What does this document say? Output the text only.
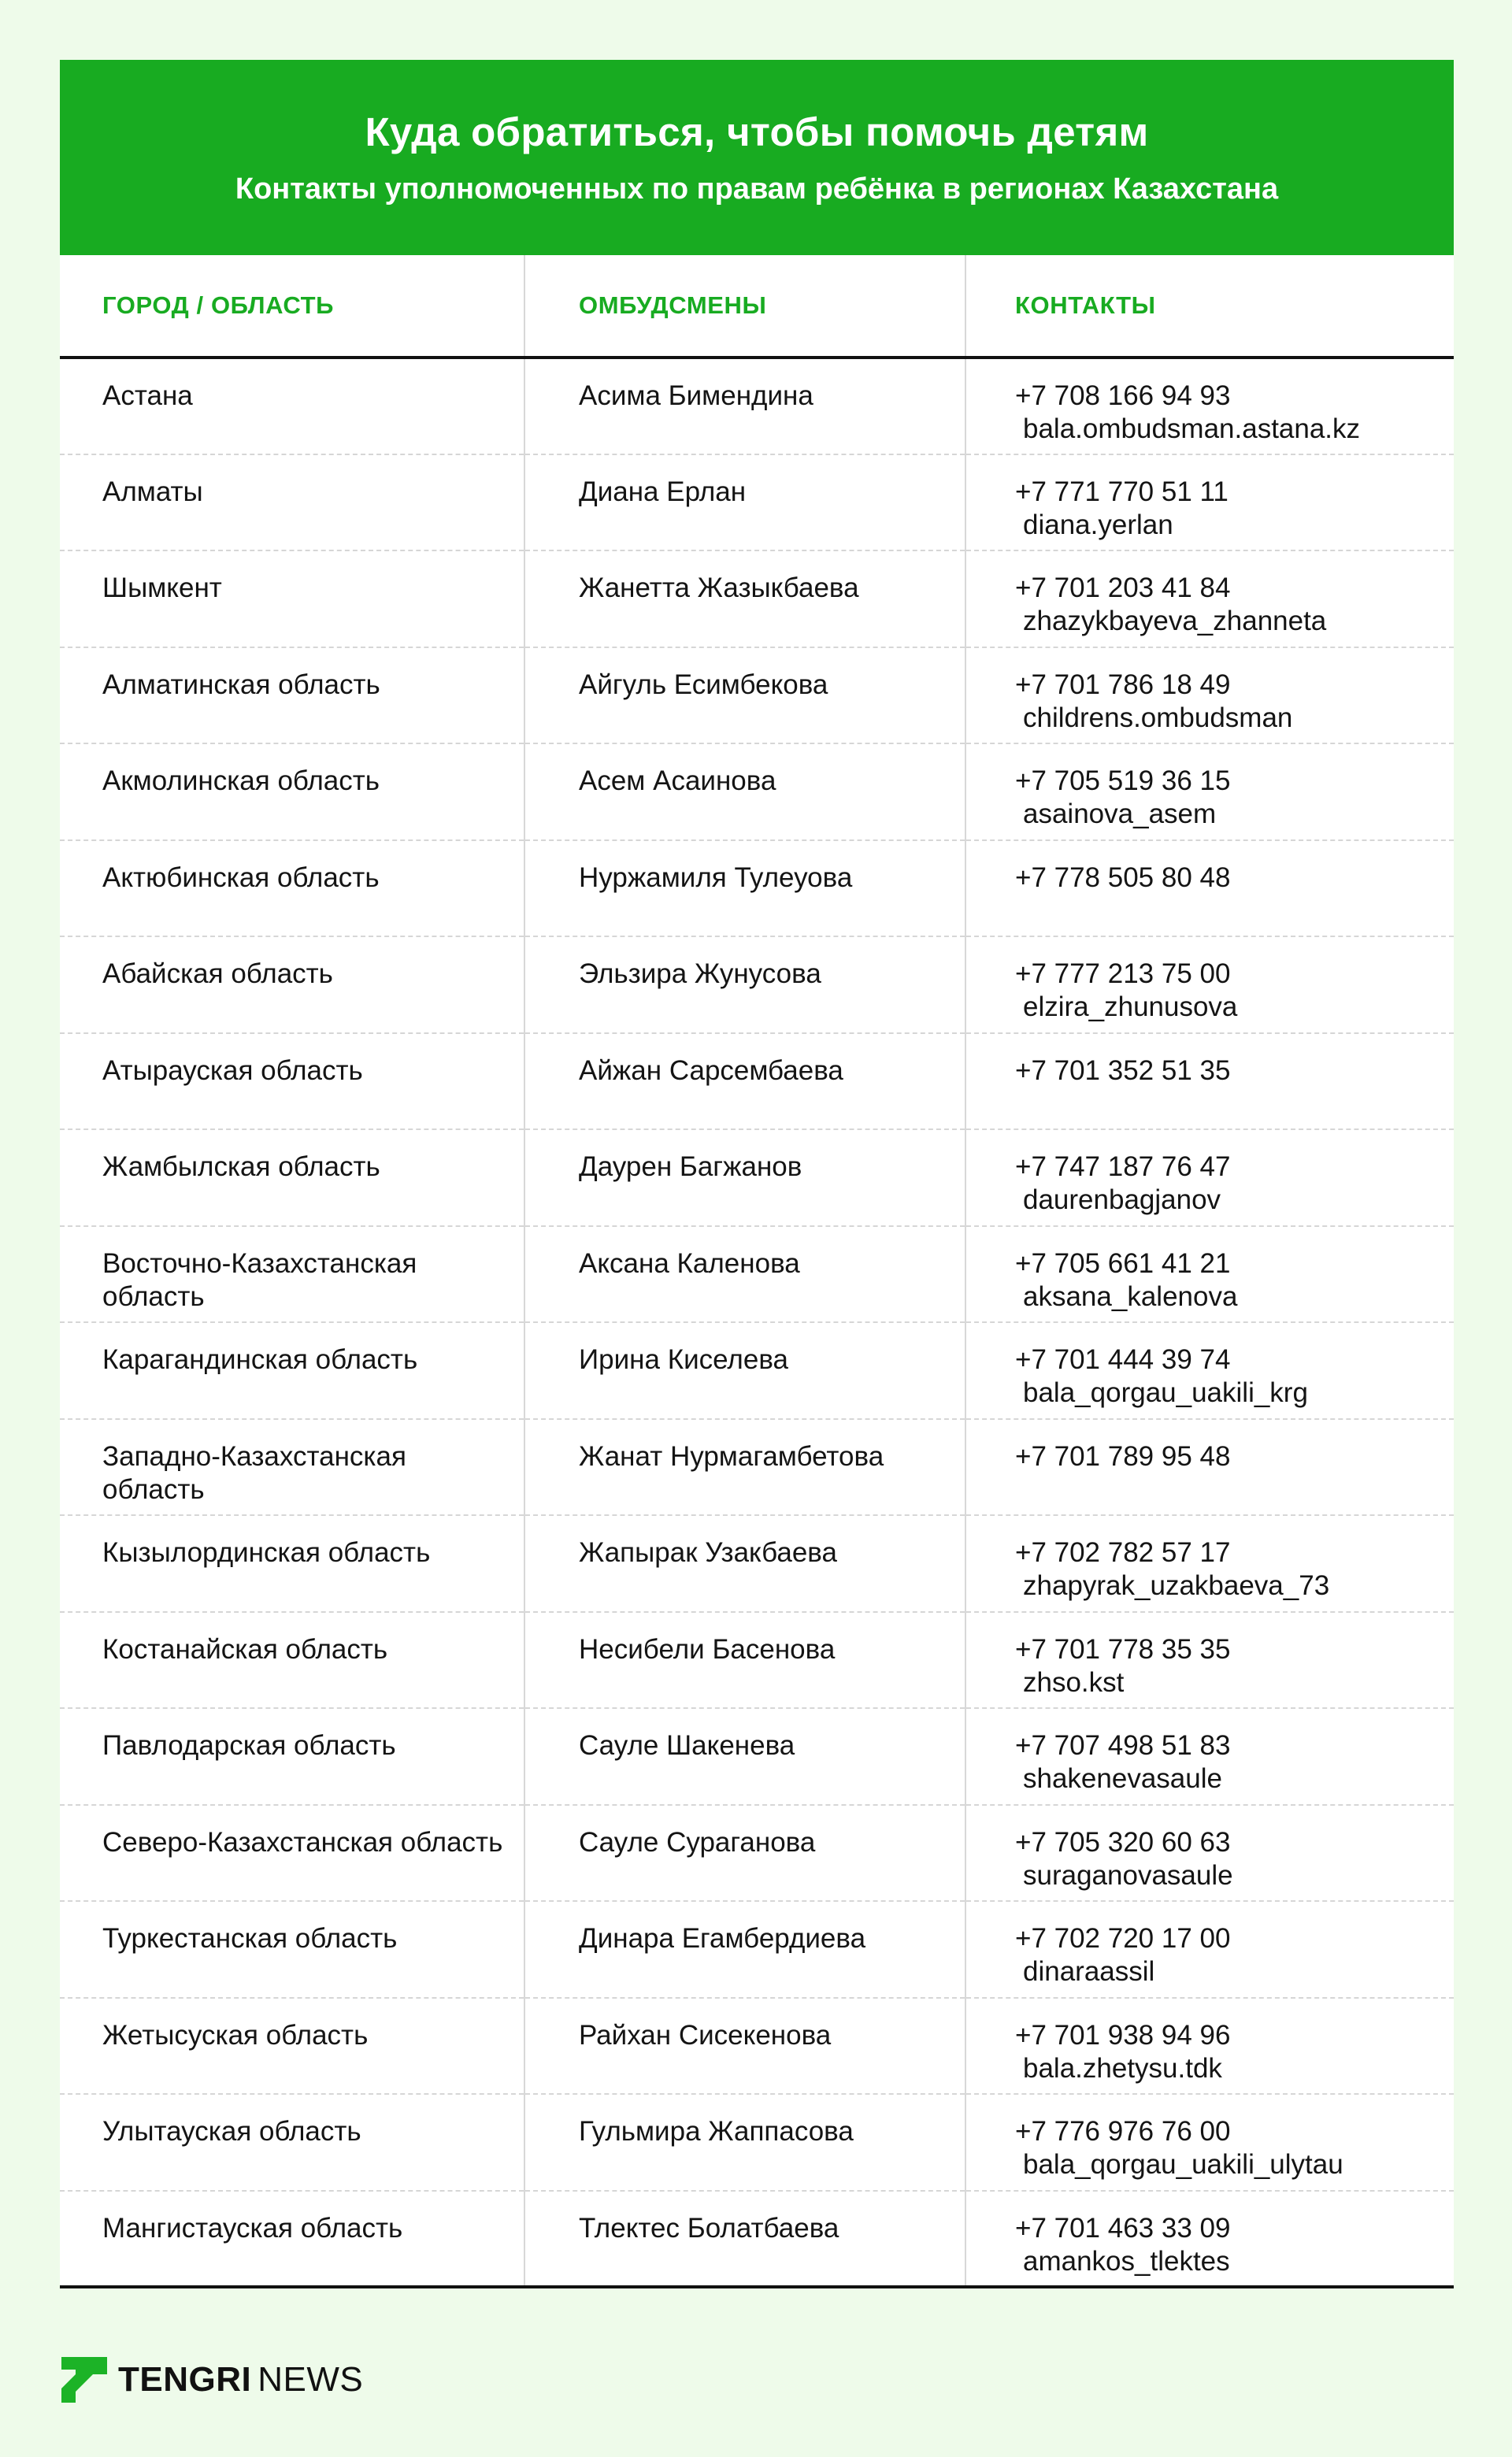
Куда обратиться, чтобы помочь детям
Контакты уполномоченных по правам ребёнка в регионах Казахстана
ГОРОД / ОБЛАСТЬ	ОМБУДСМЕНЫ	КОНТАКТЫ
Астана	Асима Бимендина	+7 708 166 94 93
bala.ombudsman.astana.kz

Алматы	Диана Ерлан	+7 771 770 51 11
diana.yerlan

Шымкент	Жанетта Жазыкбаева	+7 701 203 41 84
zhazykbayeva_zhanneta

Алматинская область	Айгуль Есимбекова	+7 701 786 18 49
childrens.ombudsman

Акмолинская область	Асем Асаинова	+7 705 519 36 15
asainova_asem

Актюбинская область	Нуржамиля Тулеуова	+7 778 505 80 48

Абайская область	Эльзира Жунусова	+7 777 213 75 00
elzira_zhunusova

Атырауская область	Айжан Сарсембаева	+7 701 352 51 35

Жамбылская область	Даурен Багжанов	+7 747 187 76 47
daurenbagjanov

Восточно-Казахстанская область	Аксана Каленова	+7 705 661 41 21
aksana_kalenova

Карагандинская область	Ирина Киселева	+7 701 444 39 74
bala_qorgau_uakili_krg

Западно-Казахстанская область	Жанат Нурмагамбетова	+7 701 789 95 48

Кызылординская область	Жапырак Узакбаева	+7 702 782 57 17
zhapyrak_uzakbaeva_73

Костанайская область	Несибели Басенова	+7 701 778 35 35
zhso.kst

Павлодарская область	Сауле Шакенева	+7 707 498 51 83
shakenevasaule

Северо-Казахстанская область	Сауле Сураганова	+7 705 320 60 63
suraganovasaule

Туркестанская область	Динара Егамбердиева	+7 702 720 17 00
dinaraassil

Жетысуская область	Райхан Сисекенова	+7 701 938 94 96
bala.zhetysu.tdk

Улытауская область	Гульмира Жаппасова	+7 776 976 76 00
bala_qorgau_uakili_ulytau

Мангистауская область	Тлектес Болатбаева	+7 701 463 33 09
amankos_tlektes
TENGRI NEWS
